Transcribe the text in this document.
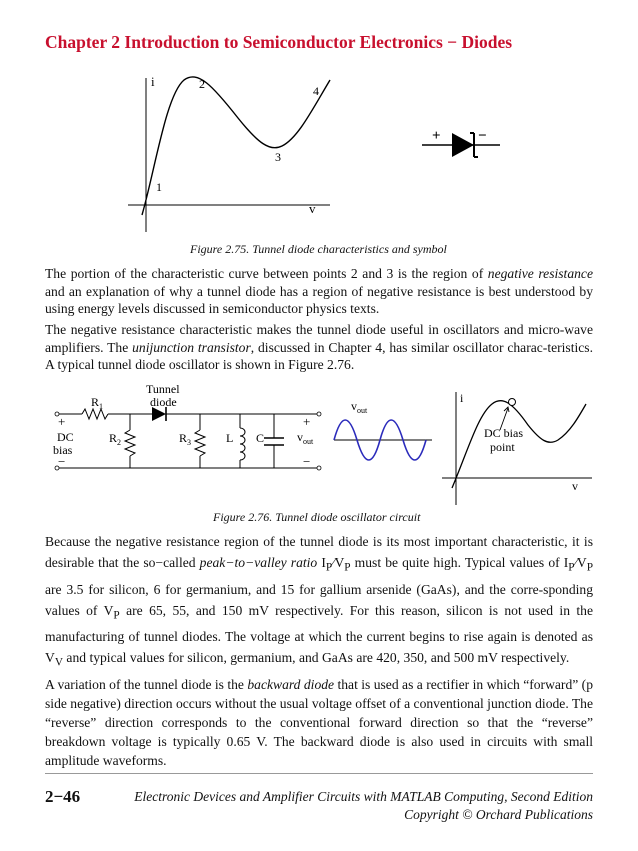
Chapter 2 Introduction to Semiconductor Electronics − Diodes
i
v
1
2
3
4
+ −
Figure 2.75. Tunnel diode characteristics and symbol

The portion of the characteristic curve between points 2 and 3 is the region of negative resistance and an explanation of why a tunnel diode has a region of negative resistance is best understood by using energy levels discussed in semiconductor physics texts.

The negative resistance characteristic makes the tunnel diode useful in oscillators and micro-wave amplifiers. The unijunction transistor, discussed in Chapter 4, has similar oscillator charac-teristics. A typical tunnel diode oscillator is shown in Figure 2.76.

$R_1$
Tunnel
diode
+
DC
bias
−
$R_2$	$R_3$	L C
+
$v_{out}$
−
$v_{out}$
i
v
DC bias
point
Figure 2.76. Tunnel diode oscillator circuit

Because the negative resistance region of the tunnel diode is its most important characteristic, it is desirable that the so−called peak−to−valley ratio $I_P⁄V_P$ must be quite high. Typical values of $I_P⁄V_P$ are 3.5 for silicon, 6 for germanium, and 15 for gallium arsenide (GaAs), and the corre-sponding values of $V_P$ are 65, 55, and 150 mV respectively. For this reason, silicon is not used in the manufacturing of tunnel diodes. The voltage at which the current begins to rise again is denoted as $V_V$ and typical values for silicon, germanium, and GaAs are 420, 350, and 500 mV respectively.

A variation of the tunnel diode is the backward diode that is used as a rectifier in which “forward” (p side negative) direction occurs without the usual voltage offset of a conventional junction diode. The “reverse” direction corresponds to the conventional forward direction so that the “reverse” breakdown voltage is typically 0.65 V. The backward diode is also used in circuits with small amplitude waveforms.

2−46	Electronic Devices and Amplifier Circuits with MATLAB Computing, Second Edition
Copyright © Orchard Publications
